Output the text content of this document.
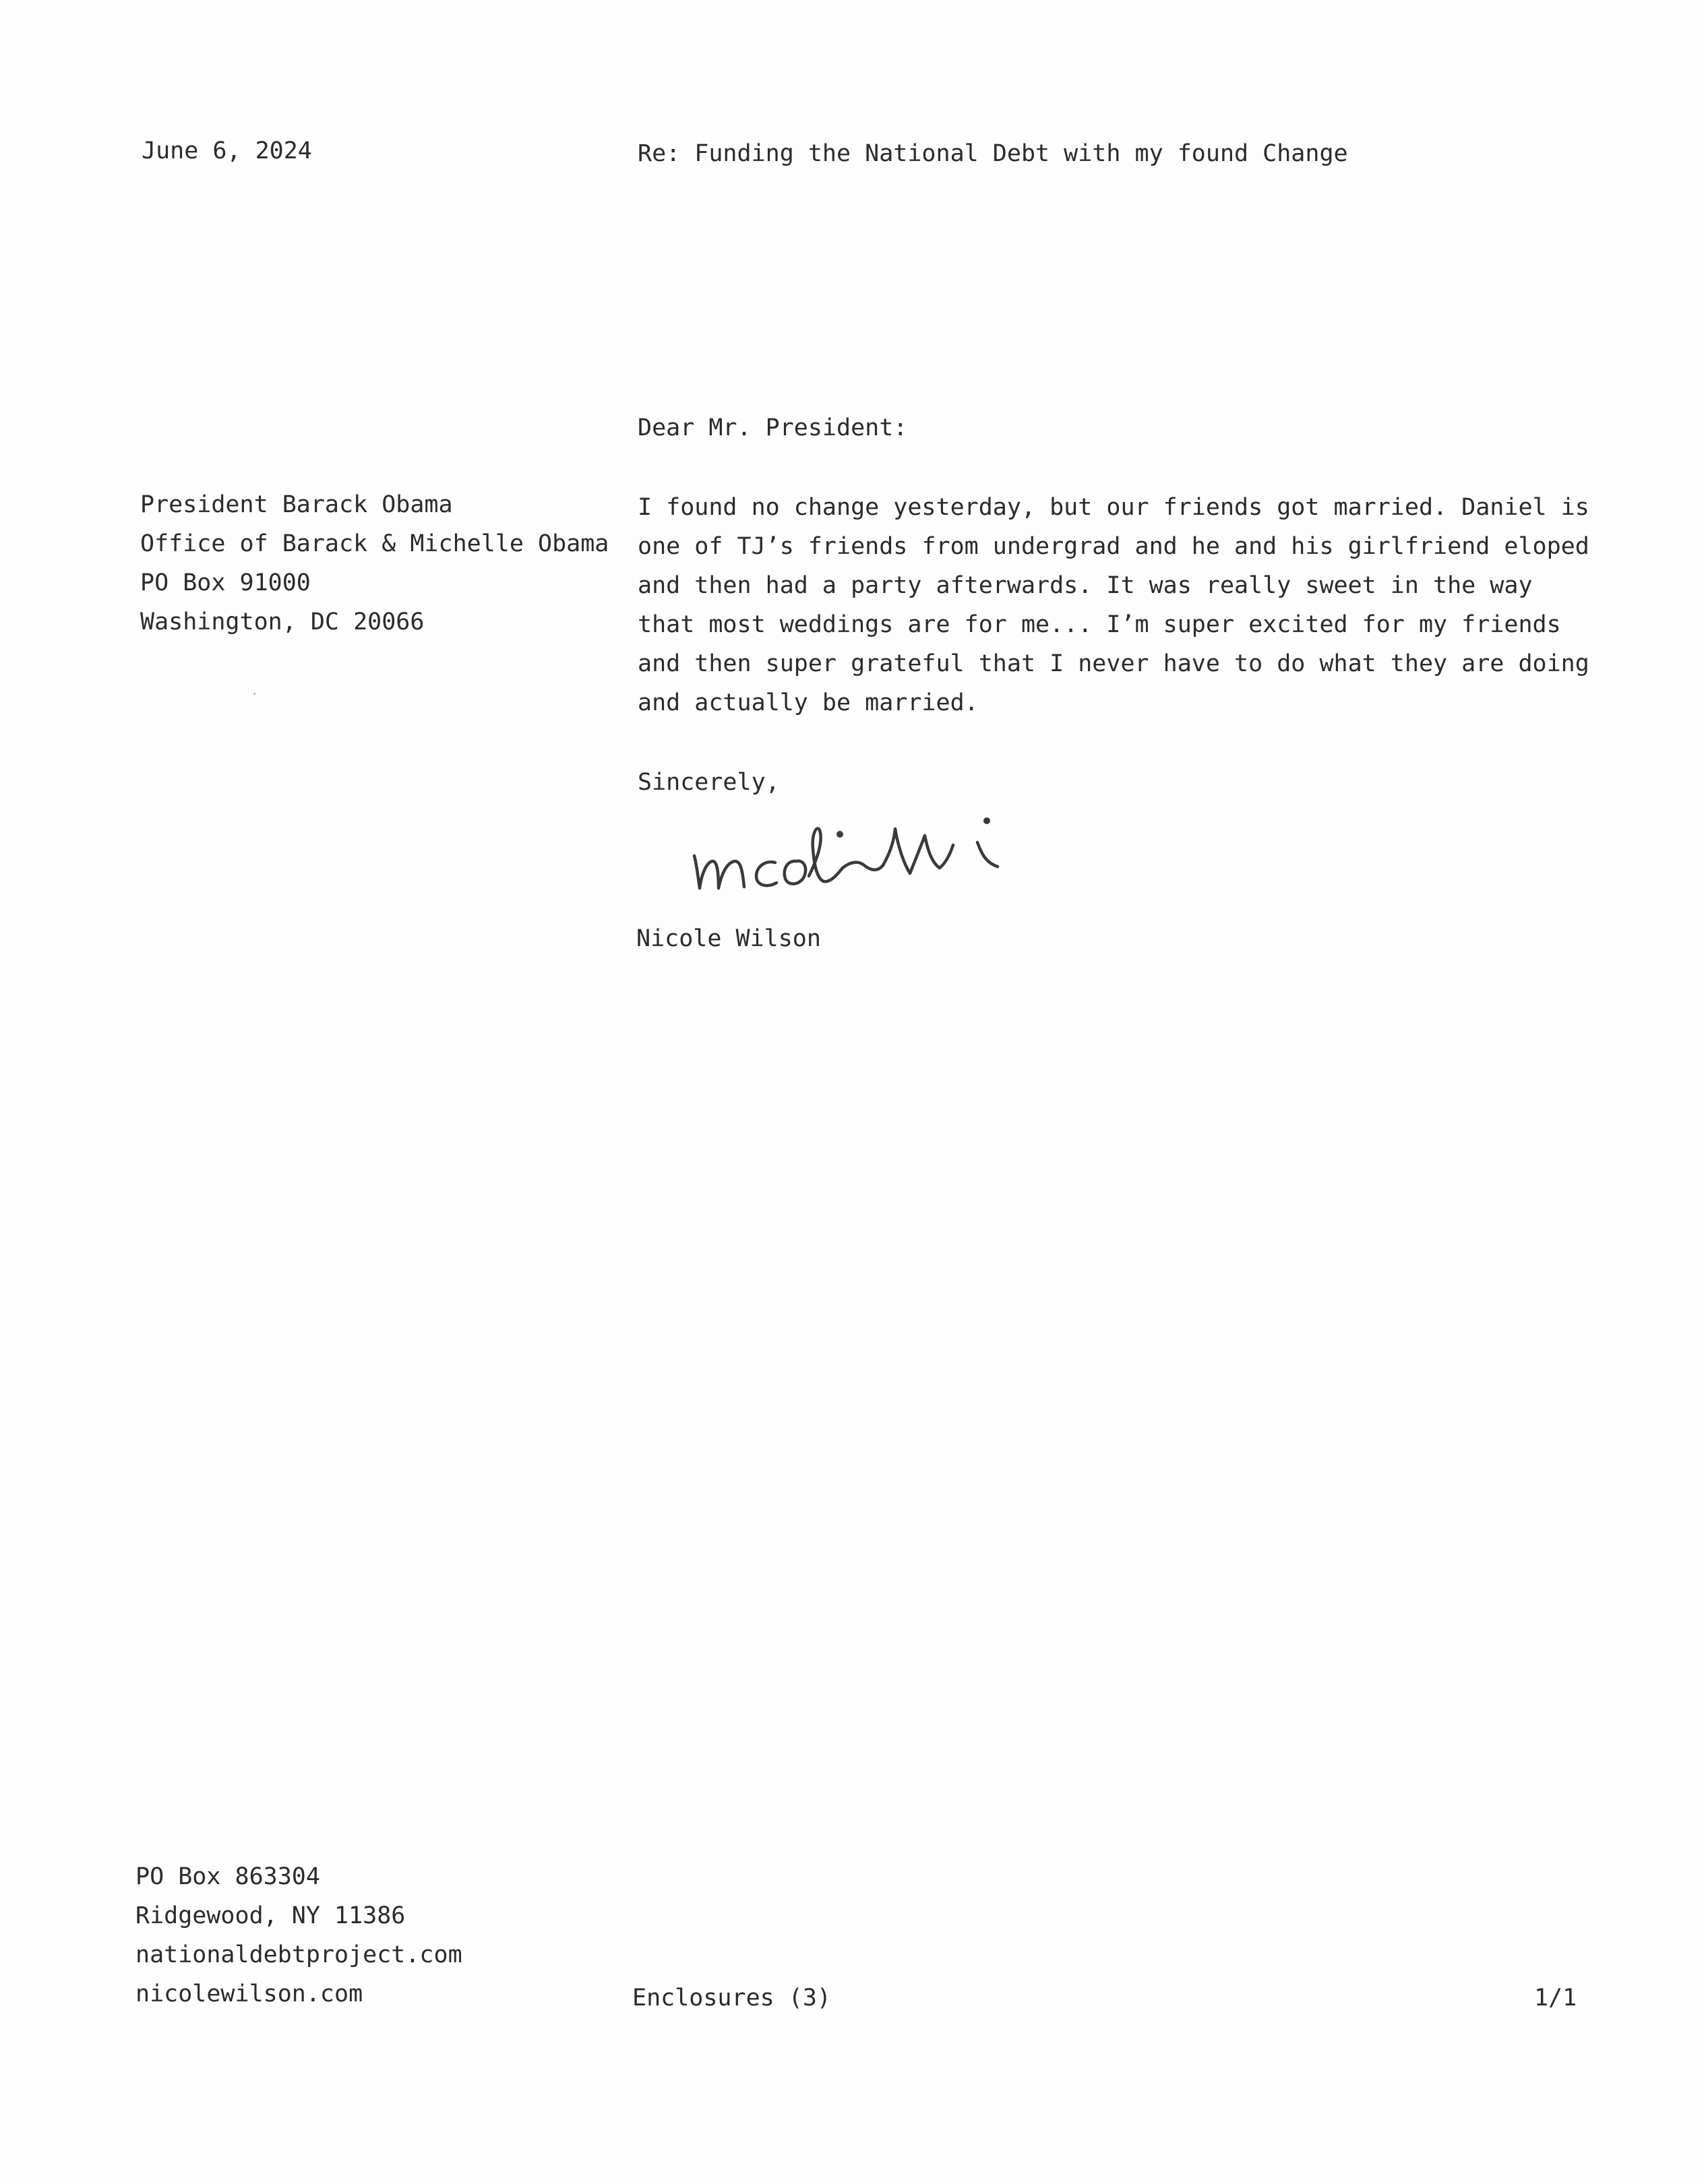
June 6, 2024	Re: Funding the National Debt with my found Change
Dear Mr. President:
President Barack Obama
Office of Barack & Michelle Obama
PO Box 91000
Washington, DC 20066
I found no change yesterday, but our friends got married. Daniel is
one of TJ’s friends from undergrad and he and his girlfriend eloped
and then had a party afterwards. It was really sweet in the way
that most weddings are for me... I’m super excited for my friends
and then super grateful that I never have to do what they are doing
and actually be married.
Sincerely,
Nicole Wilson
PO Box 863304
Ridgewood, NY 11386
nationaldebtproject.com
nicolewilson.com	Enclosures (3)	1/1
